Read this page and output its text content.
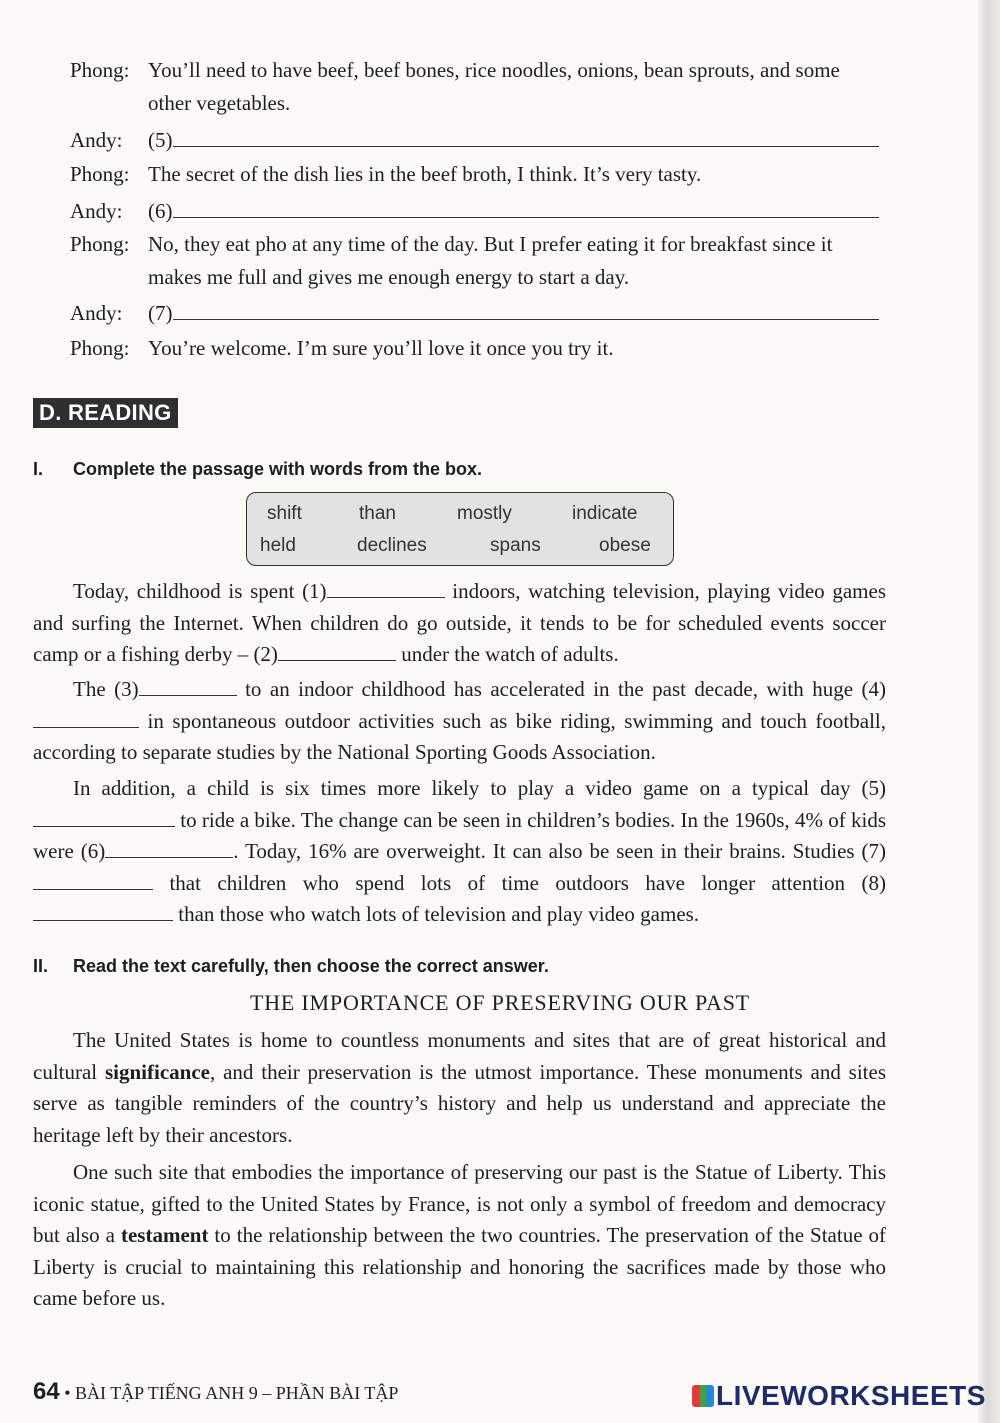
Phong: You’ll need to have beef, beef bones, rice noodles, onions, bean sprouts, and some other vegetables.
Andy: (5)
Phong: The secret of the dish lies in the beef broth, I think. It’s very tasty.
Andy: (6)
Phong: No, they eat pho at any time of the day. But I prefer eating it for breakfast since it makes me full and gives me enough energy to start a day.
Andy: (7)
Phong: You’re welcome. I’m sure you’ll love it once you try it.
D. READING
I. Complete the passage with words from the box.
shift	than	mostly	indicate
held	declines	spans	obese
Today, childhood is spent (1)	indoors, watching television, playing video games and surfing the Internet. When children do go outside, it tends to be for scheduled events soccer camp or a fishing derby – (2)	under the watch of adults.
The (3)	to an indoor childhood has accelerated in the past decade, with huge (4) in spontaneous outdoor activities such as bike riding, swimming and touch football, according to separate studies by the National Sporting Goods Association.
In addition, a child is six times more likely to play a video game on a typical day (5) to ride a bike. The change can be seen in children’s bodies. In the 1960s, 4% of kids were (6)	. Today, 16% are overweight. It can also be seen in their brains. Studies (7) that children who spend lots of time outdoors have longer attention (8) than those who watch lots of television and play video games.
II. Read the text carefully, then choose the correct answer.
THE IMPORTANCE OF PRESERVING OUR PAST
The United States is home to countless monuments and sites that are of great historical and cultural significance, and their preservation is the utmost importance. These monuments and sites serve as tangible reminders of the country’s history and help us understand and appreciate the heritage left by their ancestors.
One such site that embodies the importance of preserving our past is the Statue of Liberty. This iconic statue, gifted to the United States by France, is not only a symbol of freedom and democracy but also a testament to the relationship between the two countries. The preservation of the Statue of Liberty is crucial to maintaining this relationship and honoring the sacrifices made by those who came before us.
64 • BÀI TẬP TIẾNG ANH 9 – PHẦN BÀI TẬP	LIVEWORKSHEETS
